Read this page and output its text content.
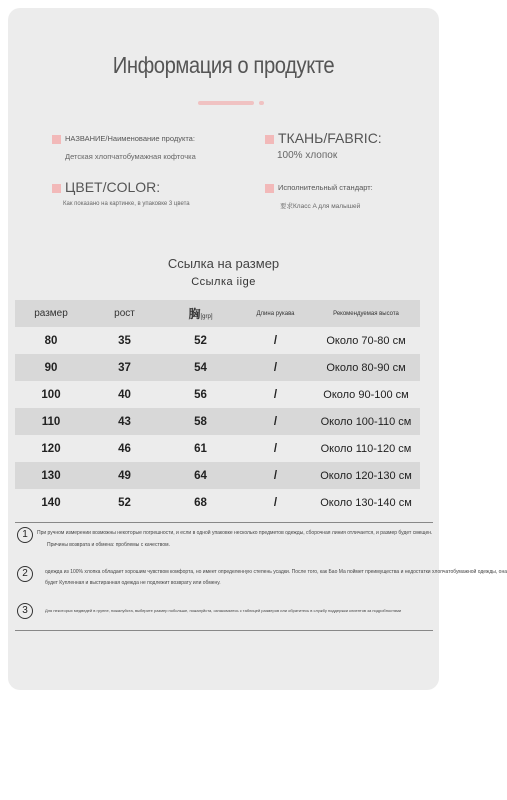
Информация о продукте
НАЗВАНИЕ/Наименование продукта:
Детская хлопчатобумажная кофточка
ТКАНЬ/FABRIC:
100% хлопок
ЦВЕТ/COLOR:
Как показано на картинке, в упаковке 3 цвета
Исполнительный стандарт:
要求Класс A для малышей
Ссылка на размер
Ссылка iige
размер	рост	胸[grp]	Длина рукава	Рекомендуемая высота
80	35	52	/	Около 70-80 см
90	37	54	/	Около 80-90 см
100	40	56	/	Около 90-100 см
110	43	58	/	Около 100-110 см
120	46	61	/	Около 110-120 см
130	49	64	/	Около 120-130 см
140	52	68	/	Около 130-140 см
1	При ручном измерении возможны некоторые погрешности, и если в одной упаковке несколько предметов одежды, сборочная линия отличается, и размер будет смещен.
Причины возврата и обмена: проблемы с качеством.
2	одежда из 100% хлопка обладает хорошим чувством комфорта, но имеет определенную степень усадки. После того, как Бао Ма поймет преимущества и недостатки хлопчатобумажной одежды, она
будет Купленная и выстиранная одежда не подлежит возврату или обмену.
3	Для некоторых медведей в группе, пожалуйста, выберите размер побольше, пожалуйста, ознакомьтесь с таблицей размеров или обратитесь в службу поддержки клиентов за подробностями
